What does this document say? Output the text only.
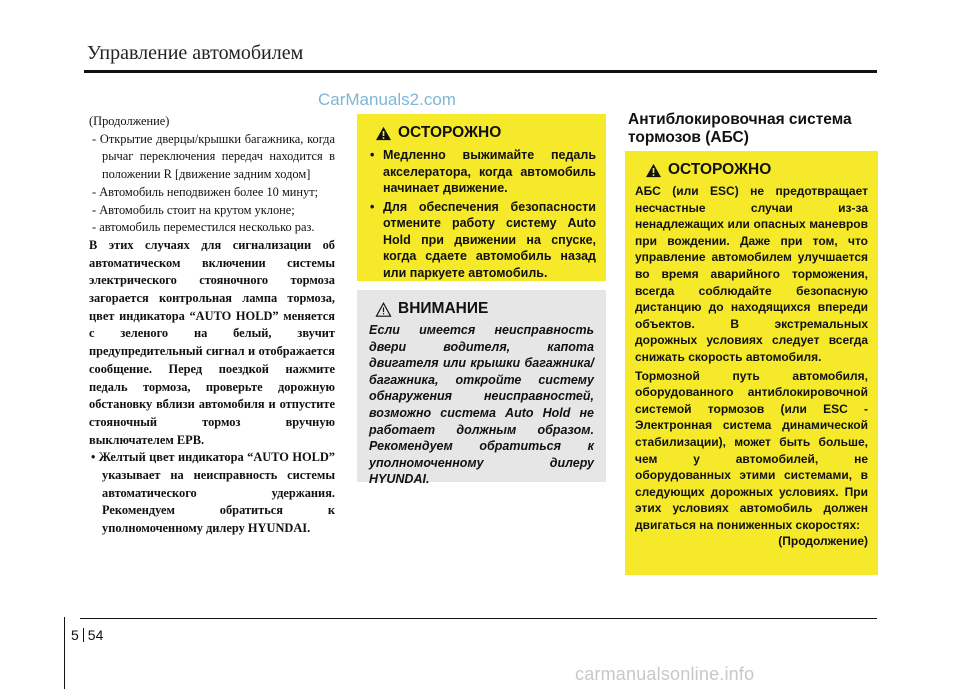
Управление автомобилем
CarManuals2.com

(Продолжение)

- Открытие дверцы/крышки багажника, когда рычаг переключения передач находится в положении R [движение задним ходом]

- Автомобиль неподвижен более 10 минут;

- Автомобиль стоит на крутом уклоне;

- автомобиль переместился несколько раз.

В этих случаях для сигнализации об автоматическом включении системы электрического стояночного тормоза загорается контрольная лампа тормоза, цвет индикатора “AUTO HOLD” меняется с зеленого на белый, звучит предупредительный сигнал и отображается сообщение. Перед поездкой нажмите педаль тормоза, проверьте дорожную обстановку вблизи автомобиля и отпустите стояночный тормоз вручную выключателем EPB.

• Желтый цвет индикатора “AUTO HOLD” указывает на неисправность системы автоматического удержания. Рекомендуем обратиться к уполномоченному дилеру HYUNDAI.

ОСТОРОЖНО
• Медленно выжимайте педаль акселератора, когда автомобиль начинает движение.
• Для обеспечения безопасности отмените работу систему Auto Hold при движении на спуске, когда сдаете автомобиль назад или паркуете автомобиль.
ВНИМАНИЕ

Если имеется неисправность двери водителя, капота двигателя или крышки багажника/багажника, откройте систему обнаружения неисправностей, возможно система Auto Hold не работает должным образом. Рекомендуем обратиться к уполномоченному дилеру HYUNDAI.

Антиблокировочная система тормозов (АБС)
ОСТОРОЖНО

АБС (или ESC) не предотвращает несчастные случаи из-за ненадлежащих или опасных маневров при вождении. Даже при том, что управление автомобилем улучшается во время аварийного торможения, всегда соблюдайте безопасную дистанцию до находящихся впереди объектов. В экстремальных дорожных условиях следует всегда снижать скорость автомобиля.

Тормозной путь автомобиля, оборудованного антиблокировочной системой тормозов (или ESC - Электронная система динамической стабилизации), может быть больше, чем у автомобилей, не оборудованных этими системами, в следующих дорожных условиях. При этих условиях автомобиль должен двигаться на пониженных скоростях:

(Продолжение)

5 54
carmanualsonline.info
